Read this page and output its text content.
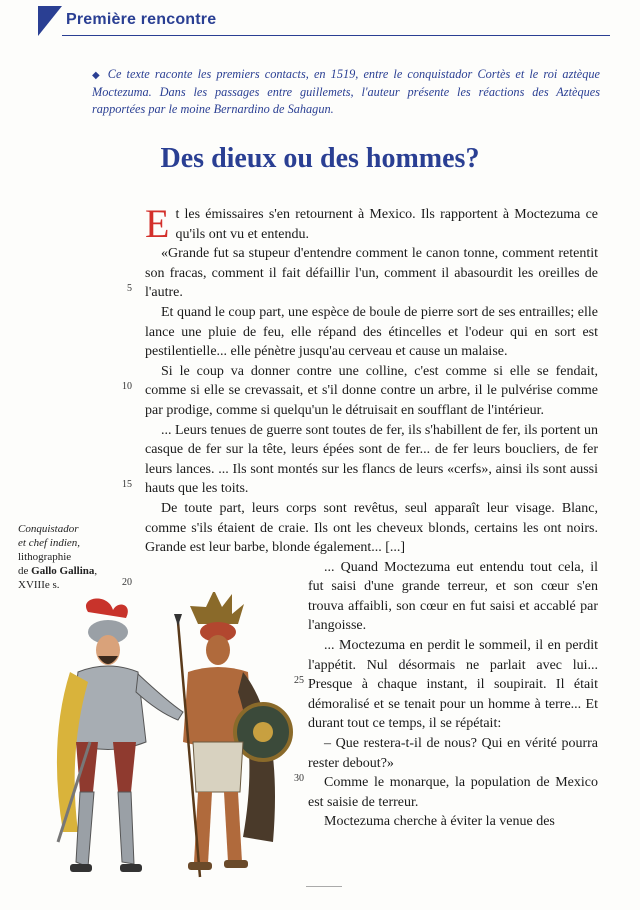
Première rencontre
◆ Ce texte raconte les premiers contacts, en 1519, entre le conquistador Cortès et le roi aztèque Moctezuma. Dans les passages entre guillemets, l'auteur présente les réactions des Aztèques rapportées par le moine Bernardino de Sahagun.
Des dieux ou des hommes?

Et les émissaires s'en retournent à Mexico. Ils rapportent à Moctezuma ce qu'ils ont vu et entendu.

«Grande fut sa stupeur d'entendre comment le canon tonne, comment retentit son fracas, comment il fait défaillir l'un, comment il abasourdit les oreilles de l'autre.

Et quand le coup part, une espèce de boule de pierre sort de ses entrailles; elle lance une pluie de feu, elle répand des étincelles et l'odeur qui en sort est pestilentielle... elle pénètre jusqu'au cerveau et cause un malaise.

Si le coup va donner contre une colline, c'est comme si elle se fendait, comme si elle se crevassait, et s'il donne contre un arbre, il le pulvérise comme par prodige, comme si quelqu'un le détruisait en soufflant de l'intérieur.

... Leurs tenues de guerre sont toutes de fer, ils s'habillent de fer, ils portent un casque de fer sur la tête, leurs épées sont de fer... de fer leurs boucliers, de fer leurs lances. ... Ils sont montés sur les flancs de leurs «cerfs», ainsi ils sont aussi hauts que les toits.

De toute part, leurs corps sont revêtus, seul apparaît leur visage. Blanc, comme s'ils étaient de craie. Ils ont les cheveux blonds, certains les ont noirs. Grande est leur barbe, blonde également... [...]

... Quand Moctezuma eut entendu tout cela, il fut saisi d'une grande terreur, et son cœur s'en trouva affaibli, son cœur en fut saisi et accablé par l'angoisse.

... Moctezuma en perdit le sommeil, il en perdit l'appétit. Nul désormais ne parlait avec lui... Presque à chaque instant, il soupirait. Il était démoralisé et se tenait pour un homme à terre... Et durant tout ce temps, il se répétait:

– Que restera-t-il de nous? Qui en vérité pourra rester debout?»

Comme le monarque, la population de Mexico est saisie de terreur.

Moctezuma cherche à éviter la venue des

5
10
15
20
25
30
Conquistador
et chef indien,
lithographie
de Gallo Gallina,
XVIIIe s.
